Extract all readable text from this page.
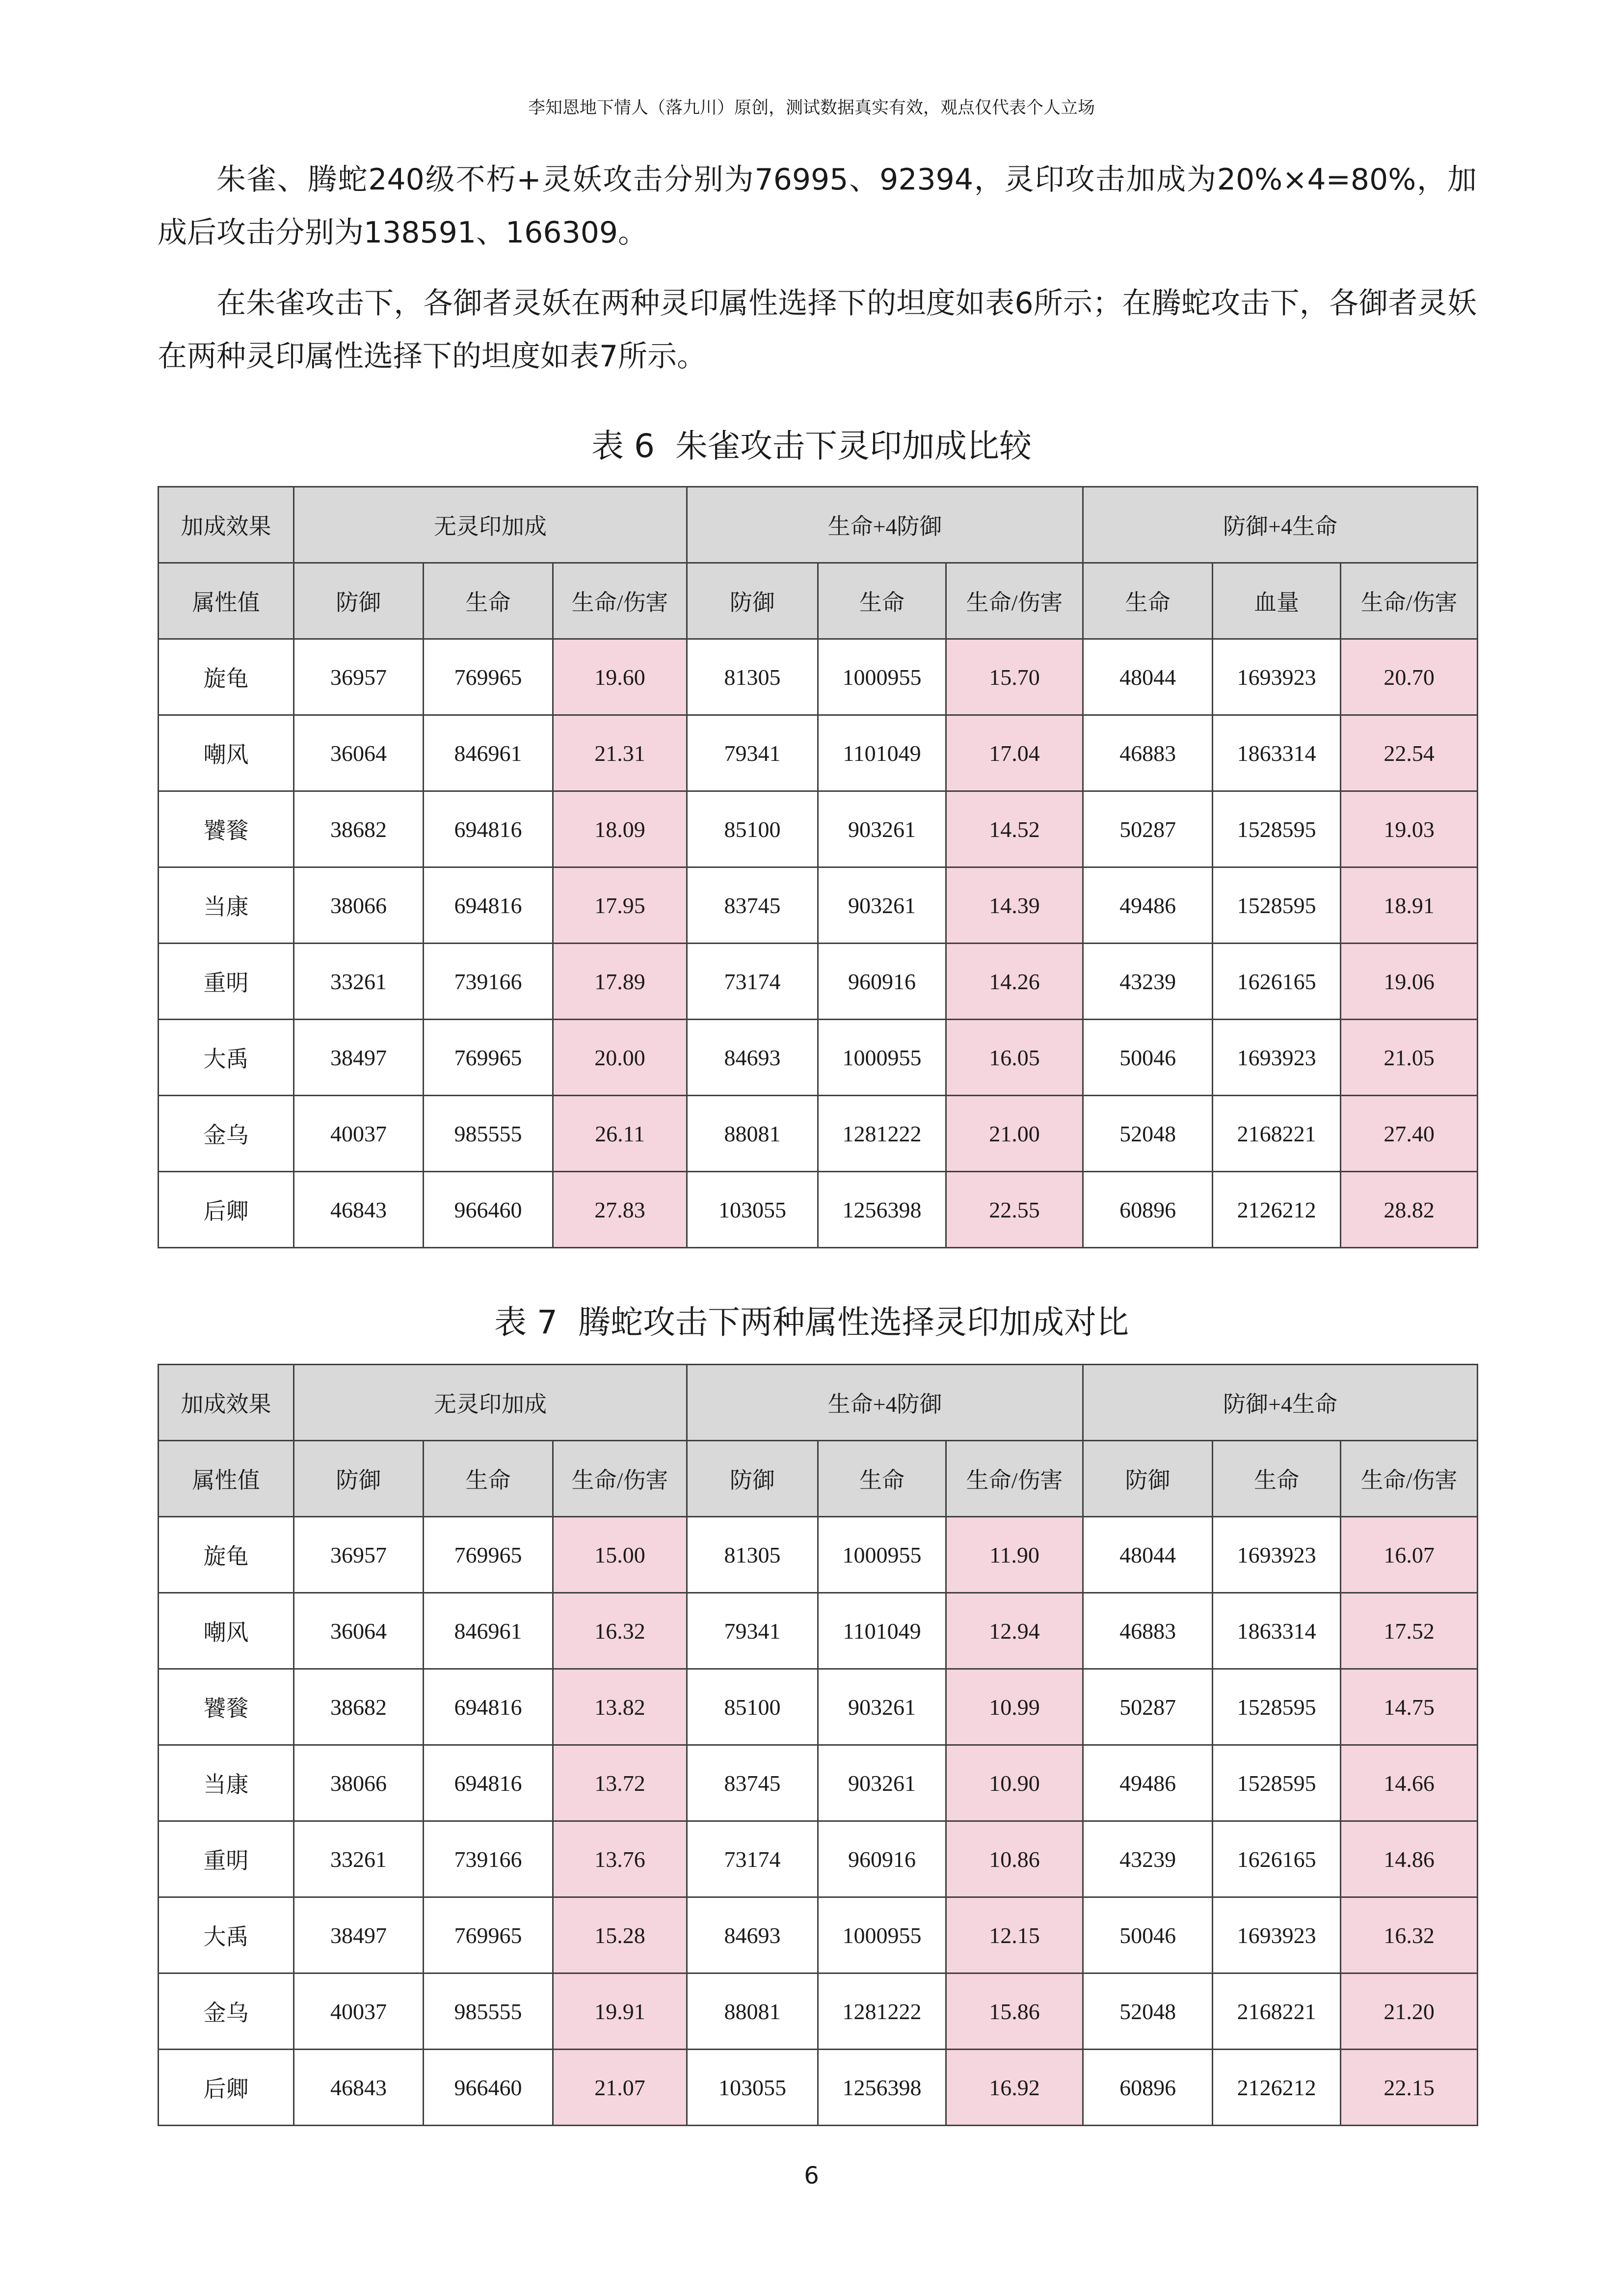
李知恩地下情人（落九川）原创，测试数据真实有效，观点仅代表个人立场

朱雀、腾蛇240级不朽+灵妖攻击分别为76995、92394，灵印攻击加成为20%×4=80%，加成后攻击分别为138591、166309。

在朱雀攻击下，各御者灵妖在两种灵印属性选择下的坦度如表6所示；在腾蛇攻击下，各御者灵妖在两种灵印属性选择下的坦度如表7所示。

表 6  朱雀攻击下灵印加成比较

加成效果	无灵印加成			生命+4防御			防御+4生命		
属性值	防御	生命	生命/伤害	防御	生命	生命/伤害	生命	血量	生命/伤害
旋龟	36957	769965	19.60	81305	1000955	15.70	48044	1693923	20.70
嘲风	36064	846961	21.31	79341	1101049	17.04	46883	1863314	22.54
饕餮	38682	694816	18.09	85100	903261	14.52	50287	1528595	19.03
当康	38066	694816	17.95	83745	903261	14.39	49486	1528595	18.91
重明	33261	739166	17.89	73174	960916	14.26	43239	1626165	19.06
大禹	38497	769965	20.00	84693	1000955	16.05	50046	1693923	21.05
金乌	40037	985555	26.11	88081	1281222	21.00	52048	2168221	27.40
后卿	46843	966460	27.83	103055	1256398	22.55	60896	2126212	28.82

表 7  腾蛇攻击下两种属性选择灵印加成对比

加成效果	无灵印加成			生命+4防御			防御+4生命		
属性值	防御	生命	生命/伤害	防御	生命	生命/伤害	防御	生命	生命/伤害
旋龟	36957	769965	15.00	81305	1000955	11.90	48044	1693923	16.07
嘲风	36064	846961	16.32	79341	1101049	12.94	46883	1863314	17.52
饕餮	38682	694816	13.82	85100	903261	10.99	50287	1528595	14.75
当康	38066	694816	13.72	83745	903261	10.90	49486	1528595	14.66
重明	33261	739166	13.76	73174	960916	10.86	43239	1626165	14.86
大禹	38497	769965	15.28	84693	1000955	12.15	50046	1693923	16.32
金乌	40037	985555	19.91	88081	1281222	15.86	52048	2168221	21.20
后卿	46843	966460	21.07	103055	1256398	16.92	60896	2126212	22.15

6
